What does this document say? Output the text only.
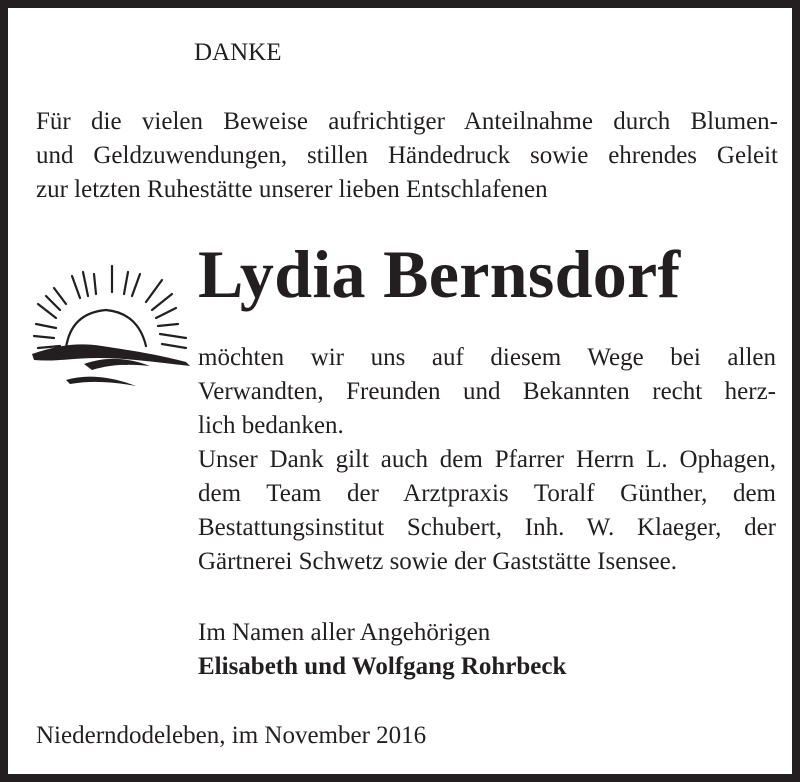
DANKE
Für die vielen Beweise aufrichtiger Anteilnahme durch Blumen-
und Geldzuwendungen, stillen Händedruck sowie ehrendes Geleit
zur letzten Ruhestätte unserer lieben Entschlafenen
Lydia Bernsdorf
möchten wir uns auf diesem Wege bei allen
Verwandten, Freunden und Bekannten recht herz-
lich bedanken.
Unser Dank gilt auch dem Pfarrer Herrn L. Ophagen,
dem Team der Arztpraxis Toralf Günther, dem
Bestattungsinstitut Schubert, Inh. W. Klaeger, der
Gärtnerei Schwetz sowie der Gaststätte Isensee.
Im Namen aller Angehörigen
Elisabeth und Wolfgang Rohrbeck
Niederndodeleben, im November 2016
